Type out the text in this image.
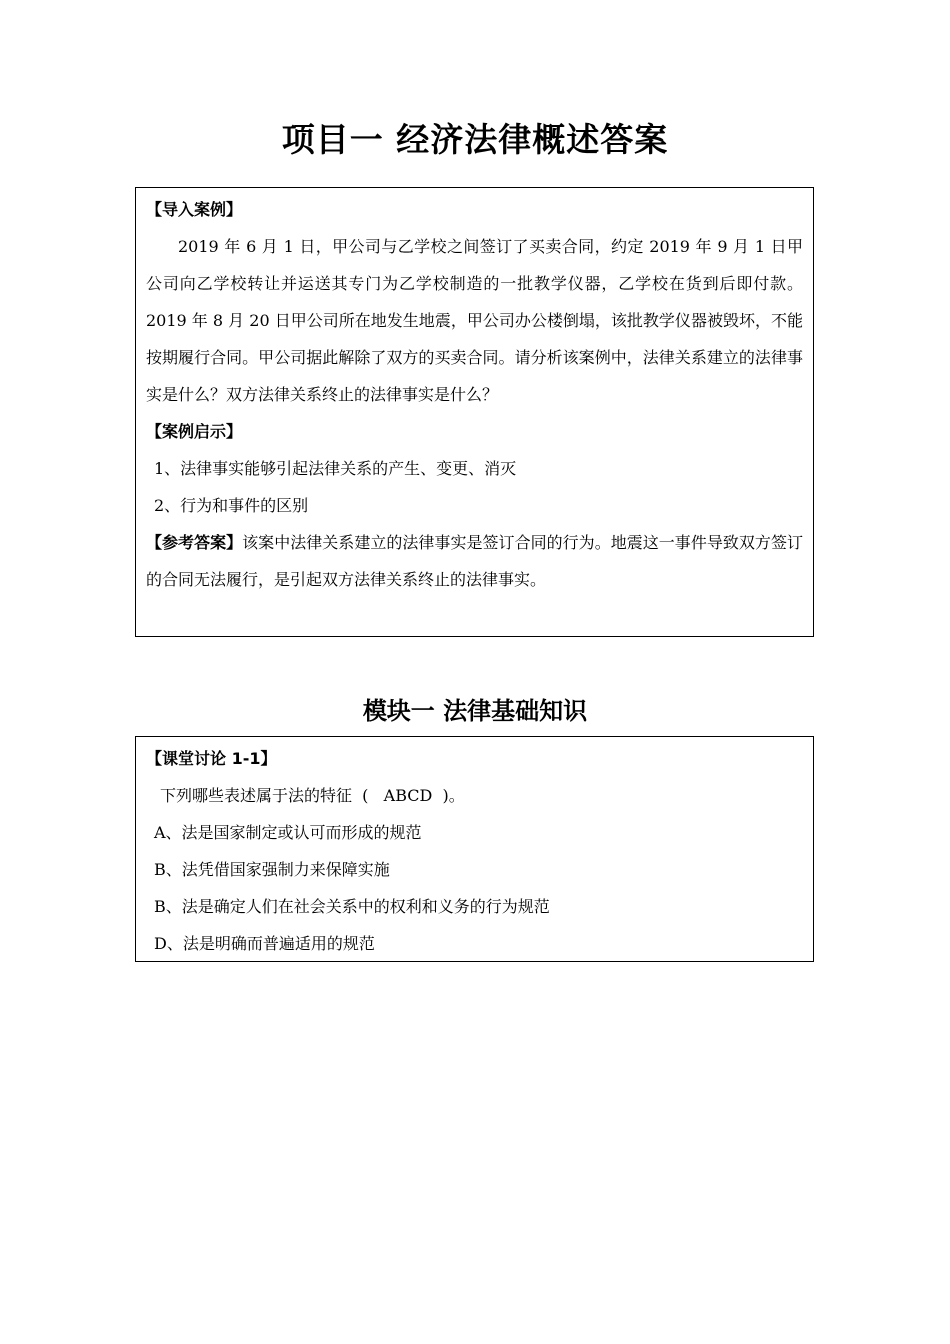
项目一 经济法律概述答案

【导入案例】

2019 年 6 月 1 日，甲公司与乙学校之间签订了买卖合同，约定 2019 年 9 月 1 日甲公司向乙学校转让并运送其专门为乙学校制造的一批教学仪器，乙学校在货到后即付款。2019 年 8 月 20 日甲公司所在地发生地震，甲公司办公楼倒塌，该批教学仪器被毁坏，不能按期履行合同。甲公司据此解除了双方的买卖合同。请分析该案例中，法律关系建立的法律事实是什么？双方法律关系终止的法律事实是什么？

【案例启示】

1、法律事实能够引起法律关系的产生、变更、消灭

2、行为和事件的区别

【参考答案】该案中法律关系建立的法律事实是签订合同的行为。地震这一事件导致双方签订的合同无法履行，是引起双方法律关系终止的法律事实。

模块一 法律基础知识

【课堂讨论 1-1】

下列哪些表述属于法的特征  (   ABCD  )。

A、法是国家制定或认可而形成的规范

B、法凭借国家强制力来保障实施

B、法是确定人们在社会关系中的权利和义务的行为规范

D、法是明确而普遍适用的规范
